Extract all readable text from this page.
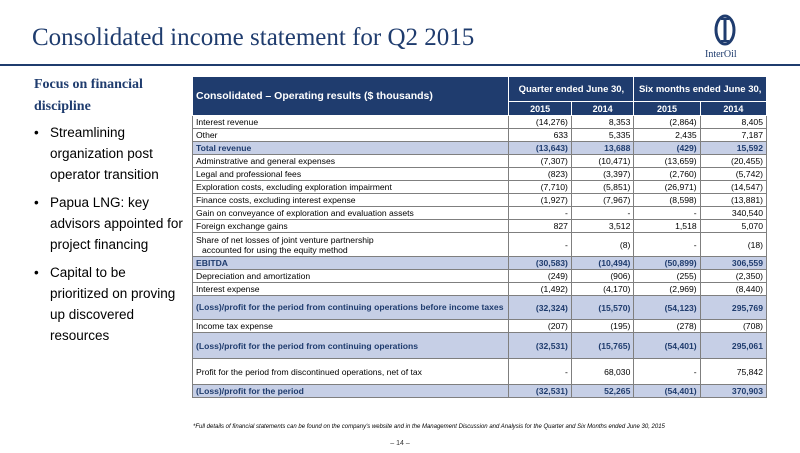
Consolidated income statement for Q2 2015
InterOil
Focus on financial discipline
• Streamlining organization post operator transition
• Papua LNG: key advisors appointed for project financing
• Capital to be prioritized on proving up discovered resources
Consolidated – Operating results ($ thousands)	Quarter ended June 30,		Six months ended June 30,	
	2015	2014	2015	2014
Interest revenue	(14,276)	8,353	(2,864)	8,405
Other	633	5,335	2,435	7,187
Total revenue	(13,643)	13,688	(429)	15,592
Adminstrative and general expenses	(7,307)	(10,471)	(13,659)	(20,455)
Legal and professional fees	(823)	(3,397)	(2,760)	(5,742)
Exploration costs, excluding exploration impairment	(7,710)	(5,851)	(26,971)	(14,547)
Finance costs, excluding interest expense	(1,927)	(7,967)	(8,598)	(13,881)
Gain on conveyance of exploration and evaluation assets	-	-	-	340,540
Foreign exchange gains	827	3,512	1,518	5,070

Share of net losses of joint venture partnership
accounted for using the equity method	-	(8)	-	(18)
EBITDA	(30,583)	(10,494)	(50,899)	306,559
Depreciation and amortization	(249)	(906)	(255)	(2,350)
Interest expense	(1,492)	(4,170)	(2,969)	(8,440)
(Loss)/profit for the period from continuing operations before income taxes	(32,324)	(15,570)	(54,123)	295,769
Income tax expense	(207)	(195)	(278)	(708)
(Loss)/profit for the period from continuing operations	(32,531)	(15,765)	(54,401)	295,061
Profit for the period from discontinued operations, net of tax	-	68,030	-	75,842
(Loss)/profit for the period	(32,531)	52,265	(54,401)	370,903
*Full details of financial statements can be found on the company's website and in the Management Discussion and Analysis for the Quarter and Six Months ended June 30, 2015
– 14 –
